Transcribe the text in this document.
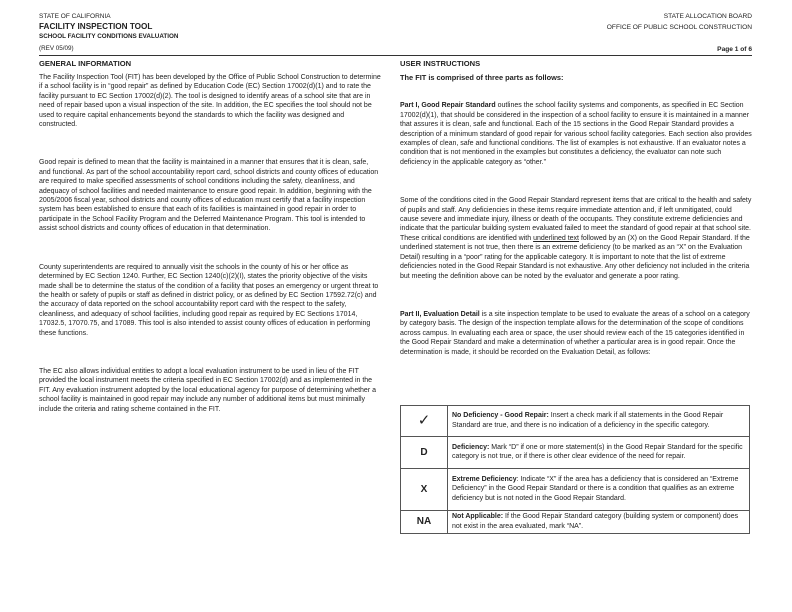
STATE OF CALIFORNIA
FACILITY INSPECTION TOOL
SCHOOL FACILITY CONDITIONS EVALUATION
(REV 05/09)
STATE ALLOCATION BOARD
OFFICE OF PUBLIC SCHOOL CONSTRUCTION
Page 1 of 6
GENERAL INFORMATION

The Facility Inspection Tool (FIT) has been developed by the Office of Public School Construction to determine if a school facility is in “good repair” as defined by Education Code (EC) Section 17002(d)(1) and to rate the facility pursuant to EC Section 17002(d)(2). The tool is designed to identify areas of a school site that are in need of repair based upon a visual inspection of the site. In addition, the EC specifies the tool should not be used to require capital enhancements beyond the standards to which the facility was designed and constructed.

Good repair is defined to mean that the facility is maintained in a manner that ensures that it is clean, safe, and functional. As part of the school accountability report card, school districts and county offices of education are required to make specified assessments of school conditions including the safety, cleanliness, and adequacy of school facilities and needed maintenance to ensure good repair. In addition, beginning with the 2005/2006 fiscal year, school districts and county offices of education must certify that a facility inspection system has been established to ensure that each of its facilities is maintained in good repair in order to participate in the School Facility Program and the Deferred Maintenance Program. This tool is intended to assist school districts and county offices of education in that determination.

County superintendents are required to annually visit the schools in the county of his or her office as determined by EC Section 1240. Further, EC Section 1240(c)(2)(I), states the priority objective of the visits made shall be to determine the status of the condition of a facility that poses an emergency or urgent threat to the health or safety of pupils or staff as defined in district policy, or as defined by EC Section 17592.72(c) and the accuracy of data reported on the school accountability report card with the respect to the safety, cleanliness, and adequacy of school facilities, including good repair as required by EC Sections 17014, 17032.5, 17070.75, and 17089. This tool is also intended to assist county offices of education in performing these functions.

The EC also allows individual entities to adopt a local evaluation instrument to be used in lieu of the FIT provided the local instrument meets the criteria specified in EC Section 17002(d) and as implemented in the FIT. Any evaluation instrument adopted by the local educational agency for purpose of determining whether a school facility is maintained in good repair may include any number of additional items but must minimally include the criteria and rating scheme contained in the FIT.

USER INSTRUCTIONS

The FIT is comprised of three parts as follows:

Part I, Good Repair Standard outlines the school facility systems and components, as specified in EC Section 17002(d)(1), that should be considered in the inspection of a school facility to ensure it is maintained in a manner that assures it is clean, safe and functional. Each of the 15 sections in the Good Repair Standard provides a description of a minimum standard of good repair for various school facility categories. Each section also provides examples of clean, safe and functional conditions. The list of examples is not exhaustive. If an evaluator notes a condition that is not mentioned in the examples but constitutes a deficiency, the evaluator can note such deficiency in the applicable category as “other.”

Some of the conditions cited in the Good Repair Standard represent items that are critical to the health and safety of pupils and staff. Any deficiencies in these items require immediate attention and, if left unmitigated, could cause severe and immediate injury, illness or death of the occupants. They constitute extreme deficiencies and indicate that the particular building system evaluated failed to meet the standard of good repair at that school site. These critical conditions are identified with underlined text followed by an (X) on the Good Repair Standard. If the underlined statement is not true, then there is an extreme deficiency (to be marked as an “X” on the Evaluation Detail) resulting in a “poor” rating for the applicable category. It is important to note that the list of extreme deficiencies noted in the Good Repair Standard is not exhaustive. Any other deficiency not included in the criteria but meeting the definition above can be noted by the evaluator and generate a poor rating.

Part II, Evaluation Detail is a site inspection template to be used to evaluate the areas of a school on a category by category basis. The design of the inspection template allows for the determination of the scope of conditions across campus. In evaluating each area or space, the user should review each of the 15 categories identified in the Good Repair Standard and make a determination of whether a particular area is in good repair. Once the determination is made, it should be recorded on the Evaluation Detail, as follows:

✓	No Deficiency - Good Repair: Insert a check mark if all statements in the Good Repair Standard are true, and there is no indication of a deficiency in the specific category.
D	Deficiency: Mark “D” if one or more statement(s) in the Good Repair Standard for the specific category is not true, or if there is other clear evidence of the need for repair.
X	Extreme Deficiency: Indicate “X” if the area has a deficiency that is considered an “Extreme Deficiency” in the Good Repair Standard or there is a condition that qualifies as an extreme deficiency but is not noted in the Good Repair Standard.
NA	Not Applicable: If the Good Repair Standard category (building system or component) does not exist in the area evaluated, mark “NA”.
